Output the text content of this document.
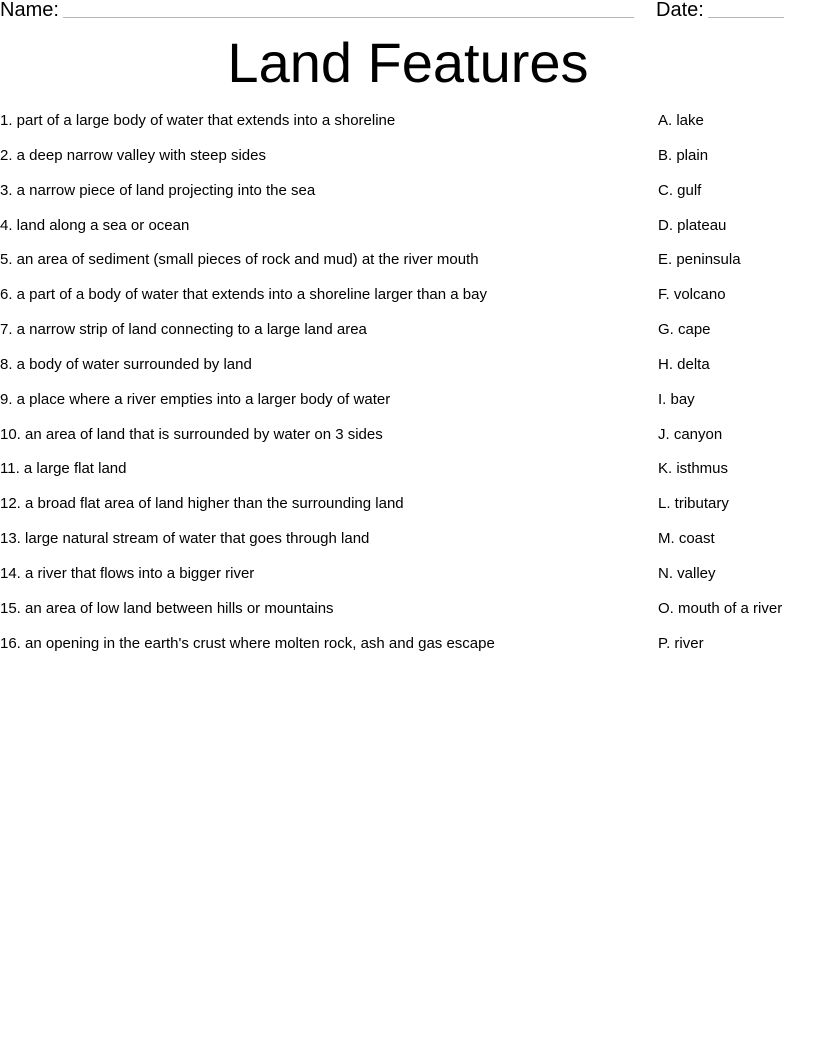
Name:	Date:
Land Features
1. part of a large body of water that extends into a shoreline	A. lake
2. a deep narrow valley with steep sides	B. plain
3. a narrow piece of land projecting into the sea	C. gulf
4. land along a sea or ocean	D. plateau
5. an area of sediment (small pieces of rock and mud) at the river mouth	E. peninsula
6. a part of a body of water that extends into a shoreline larger than a bay	F. volcano
7. a narrow strip of land connecting to a large land area	G. cape
8. a body of water surrounded by land	H. delta
9. a place where a river empties into a larger body of water	I. bay
10. an area of land that is surrounded by water on 3 sides	J. canyon
11. a large flat land	K. isthmus
12. a broad flat area of land higher than the surrounding land	L. tributary
13. large natural stream of water that goes through land	M. coast
14. a river that flows into a bigger river	N. valley
15. an area of low land between hills or mountains	O. mouth of a river
16. an opening in the earth's crust where molten rock, ash and gas escape	P. river
